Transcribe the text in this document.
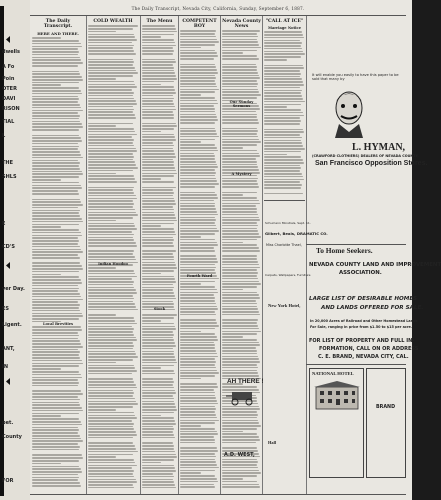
dwells
A Fo
Poin
OTER
DAVI
RISON
TIAL
L
THE
SHLS
E
CD'S
ver Day.
ES
Ligent.
ANT,
IN
pet.
County
FOR
The Daily Transcript, Nevada City, California, Sunday, September 6, 1887.
The Daily Transcript.
HERE AND THERE.
COLD WEALTH	The Menu	COMPETENT BOY
Nevada County News
"CALL AT ICE"
Marriage Notice
Stock
Fourth Ward
Our Sunday Sermons
A Mystery
Indian Hoodoo
Local Brevities
It will enable you easily to have this paper to be sold that many by
L. HYMAN,
(CRAWFORD CLOTHIERS) DEALERS OF NEVADA COUNTY,
San Francisco Opposition Stores.
Schumann Minstrels, Sept. 11.
Gilbert, Beals, DRAMATIC CO.
Miss Charlotte Thael,
Carpets, Wallpapers, Furniture
New York Hotel,
To Home Seekers.
NEVADA COUNTY LAND AND IMPROVEMENT
ASSOCIATION.
LARGE LIST OF DESIRABLE HOMES
AND LANDS OFFERED FOR SALE.
In 20,000 Acres of Railroad and Other Homestead Lands
For Sale, ranging in price from $1.50 to $15 per acre.
FOR LIST OF PROPERTY AND FULL IN-
FORMATION, CALL ON OR ADDRESS
C. E. BRAND, NEVADA CITY, CAL.
NATIONAL HOTEL
BRAND
AH THERE !
A.D. WEST,
Hall
